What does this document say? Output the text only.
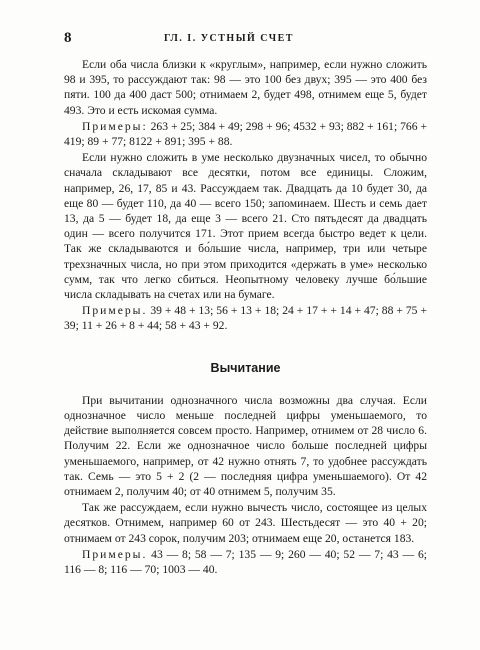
8	ГЛ. I. УСТНЫЙ СЧЕТ

Если оба числа близки к «круглым», например, если нужно сложить 98 и 395, то рассуждают так: 98 — это 100 без двух; 395 — это 400 без пяти. 100 да 400 даст 500; отнимаем 2, будет 498, отнимем еще 5, будет 493. Это и есть искомая сумма.

Примеры: 263 + 25; 384 + 49; 298 + 96; 4532 + 93; 882 + 161; 766 + 419; 89 + 77; 8122 + 891; 395 + 88.

Если нужно сложить в уме несколько двузначных чисел, то обычно сначала складывают все десятки, потом все единицы. Сложим, например, 26, 17, 85 и 43. Рассуждаем так. Двадцать да 10 будет 30, да еще 80 — будет 110, да 40 — всего 150; запоминаем. Шесть и семь дает 13, да 5 — будет 18, да еще 3 — всего 21. Сто пятьдесят да двадцать один — всего получится 171. Этот прием всегда быстро ведет к цели. Так же складываются и бо́льшие числа, например, три или четыре трехзначных числа, но при этом приходится «держать в уме» несколько сумм, так что легко сбиться. Неопытному человеку лучше бо́льшие числа складывать на счетах или на бумаге.

Примеры. 39 + 48 + 13; 56 + 13 + 18; 24 + 17 + + 14 + 47; 88 + 75 + 39; 11 + 26 + 8 + 44; 58 + 43 + 92.

Вычитание

При вычитании однозначного числа возможны два случая. Если однозначное число меньше последней цифры уменьшаемого, то действие выполняется совсем просто. Например, отнимем от 28 число 6. Получим 22. Если же однозначное число больше последней цифры уменьшаемого, например, от 42 нужно отнять 7, то удобнее рассуждать так. Семь — это 5 + 2 (2 — последняя цифра уменьшаемого). От 42 отнимаем 2, получим 40; от 40 отнимем 5, получим 35.

Так же рассуждаем, если нужно вычесть число, состоящее из целых десятков. Отнимем, например 60 от 243. Шестьдесят — это 40 + 20; отнимаем от 243 сорок, получим 203; отнимаем еще 20, останется 183.

Примеры. 43 — 8; 58 — 7; 135 — 9; 260 — 40; 52 — 7; 43 — 6; 116 — 8; 116 — 70; 1003 — 40.
